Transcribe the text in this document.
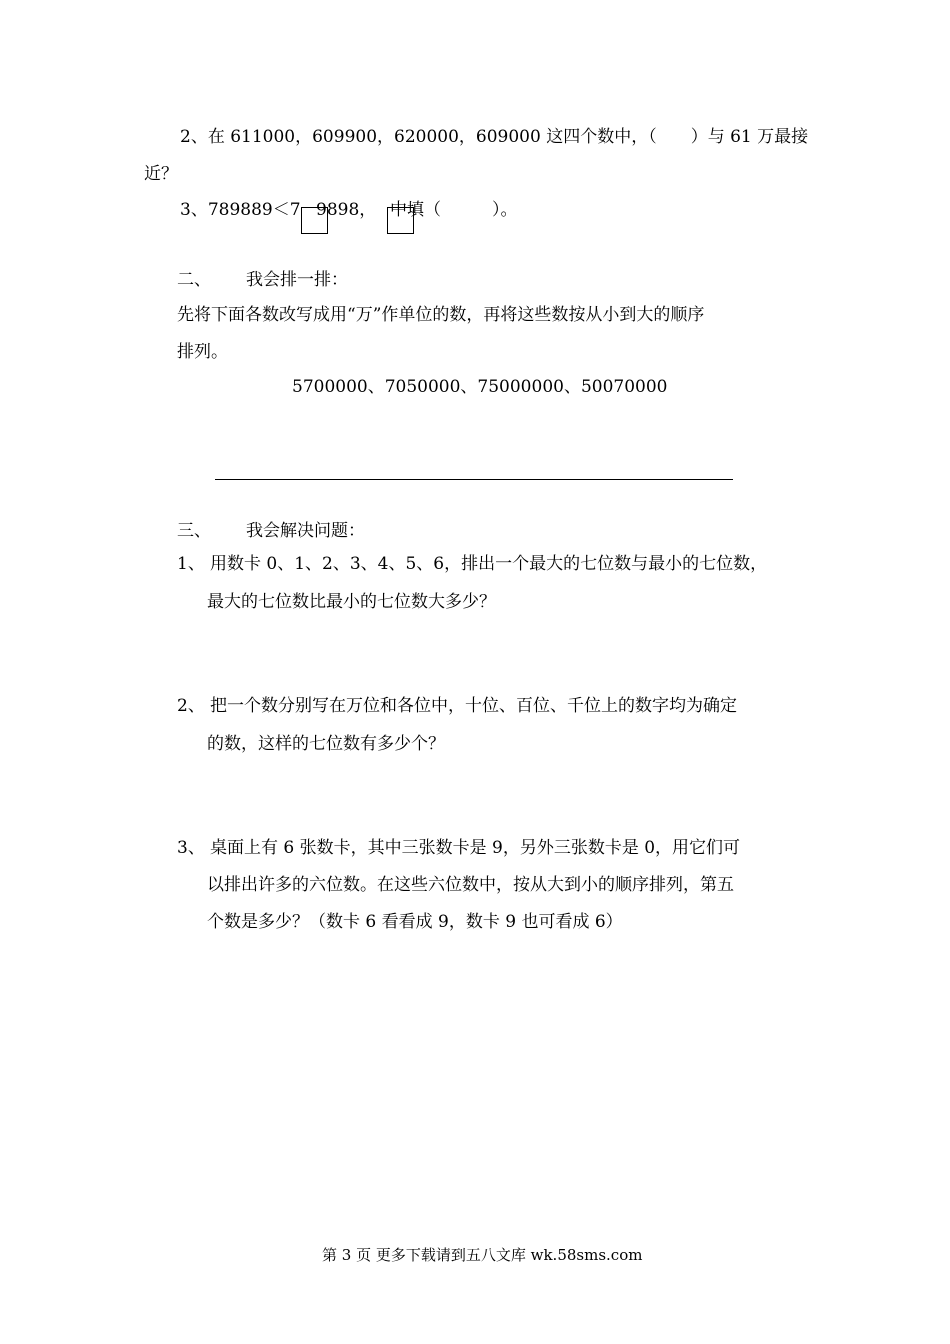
2、在 611000，609900，620000，609000 这四个数中，（　　）与 61 万最接
近？
3、789889＜7 9898， 中填（　　　）。
二、 我会排一排：
先将下面各数改写成用“万”作单位的数，再将这些数按从小到大的顺序
排列。
5700000、7050000、75000000、50070000
三、 我会解决问题：
1、 用数卡 0、1、2、3、4、5、6，排出一个最大的七位数与最小的七位数，
最大的七位数比最小的七位数大多少？
2、 把一个数分别写在万位和各位中，十位、百位、千位上的数字均为确定
的数，这样的七位数有多少个？
3、 桌面上有 6 张数卡，其中三张数卡是 9，另外三张数卡是 0，用它们可
以排出许多的六位数。在这些六位数中，按从大到小的顺序排列，第五
个数是多少？（数卡 6 看看成 9，数卡 9 也可看成 6）
第 3 页 更多下载请到五八文库 wk.58sms.com
